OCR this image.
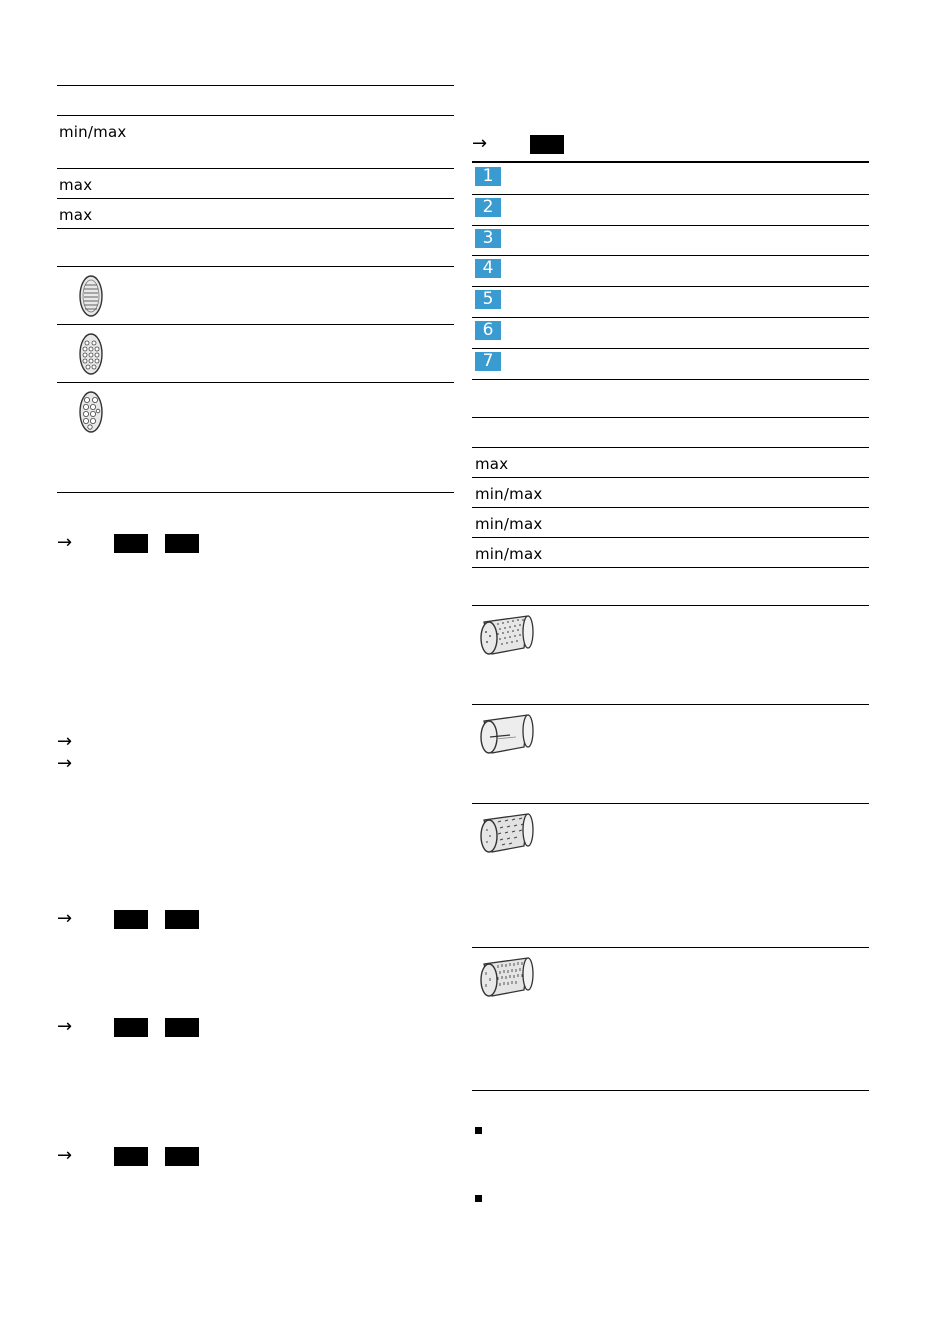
min/max
max
max
→
→
→
→
→
→
→
1
2
3
4
5
6
7
max
min/max
min/max
min/max
